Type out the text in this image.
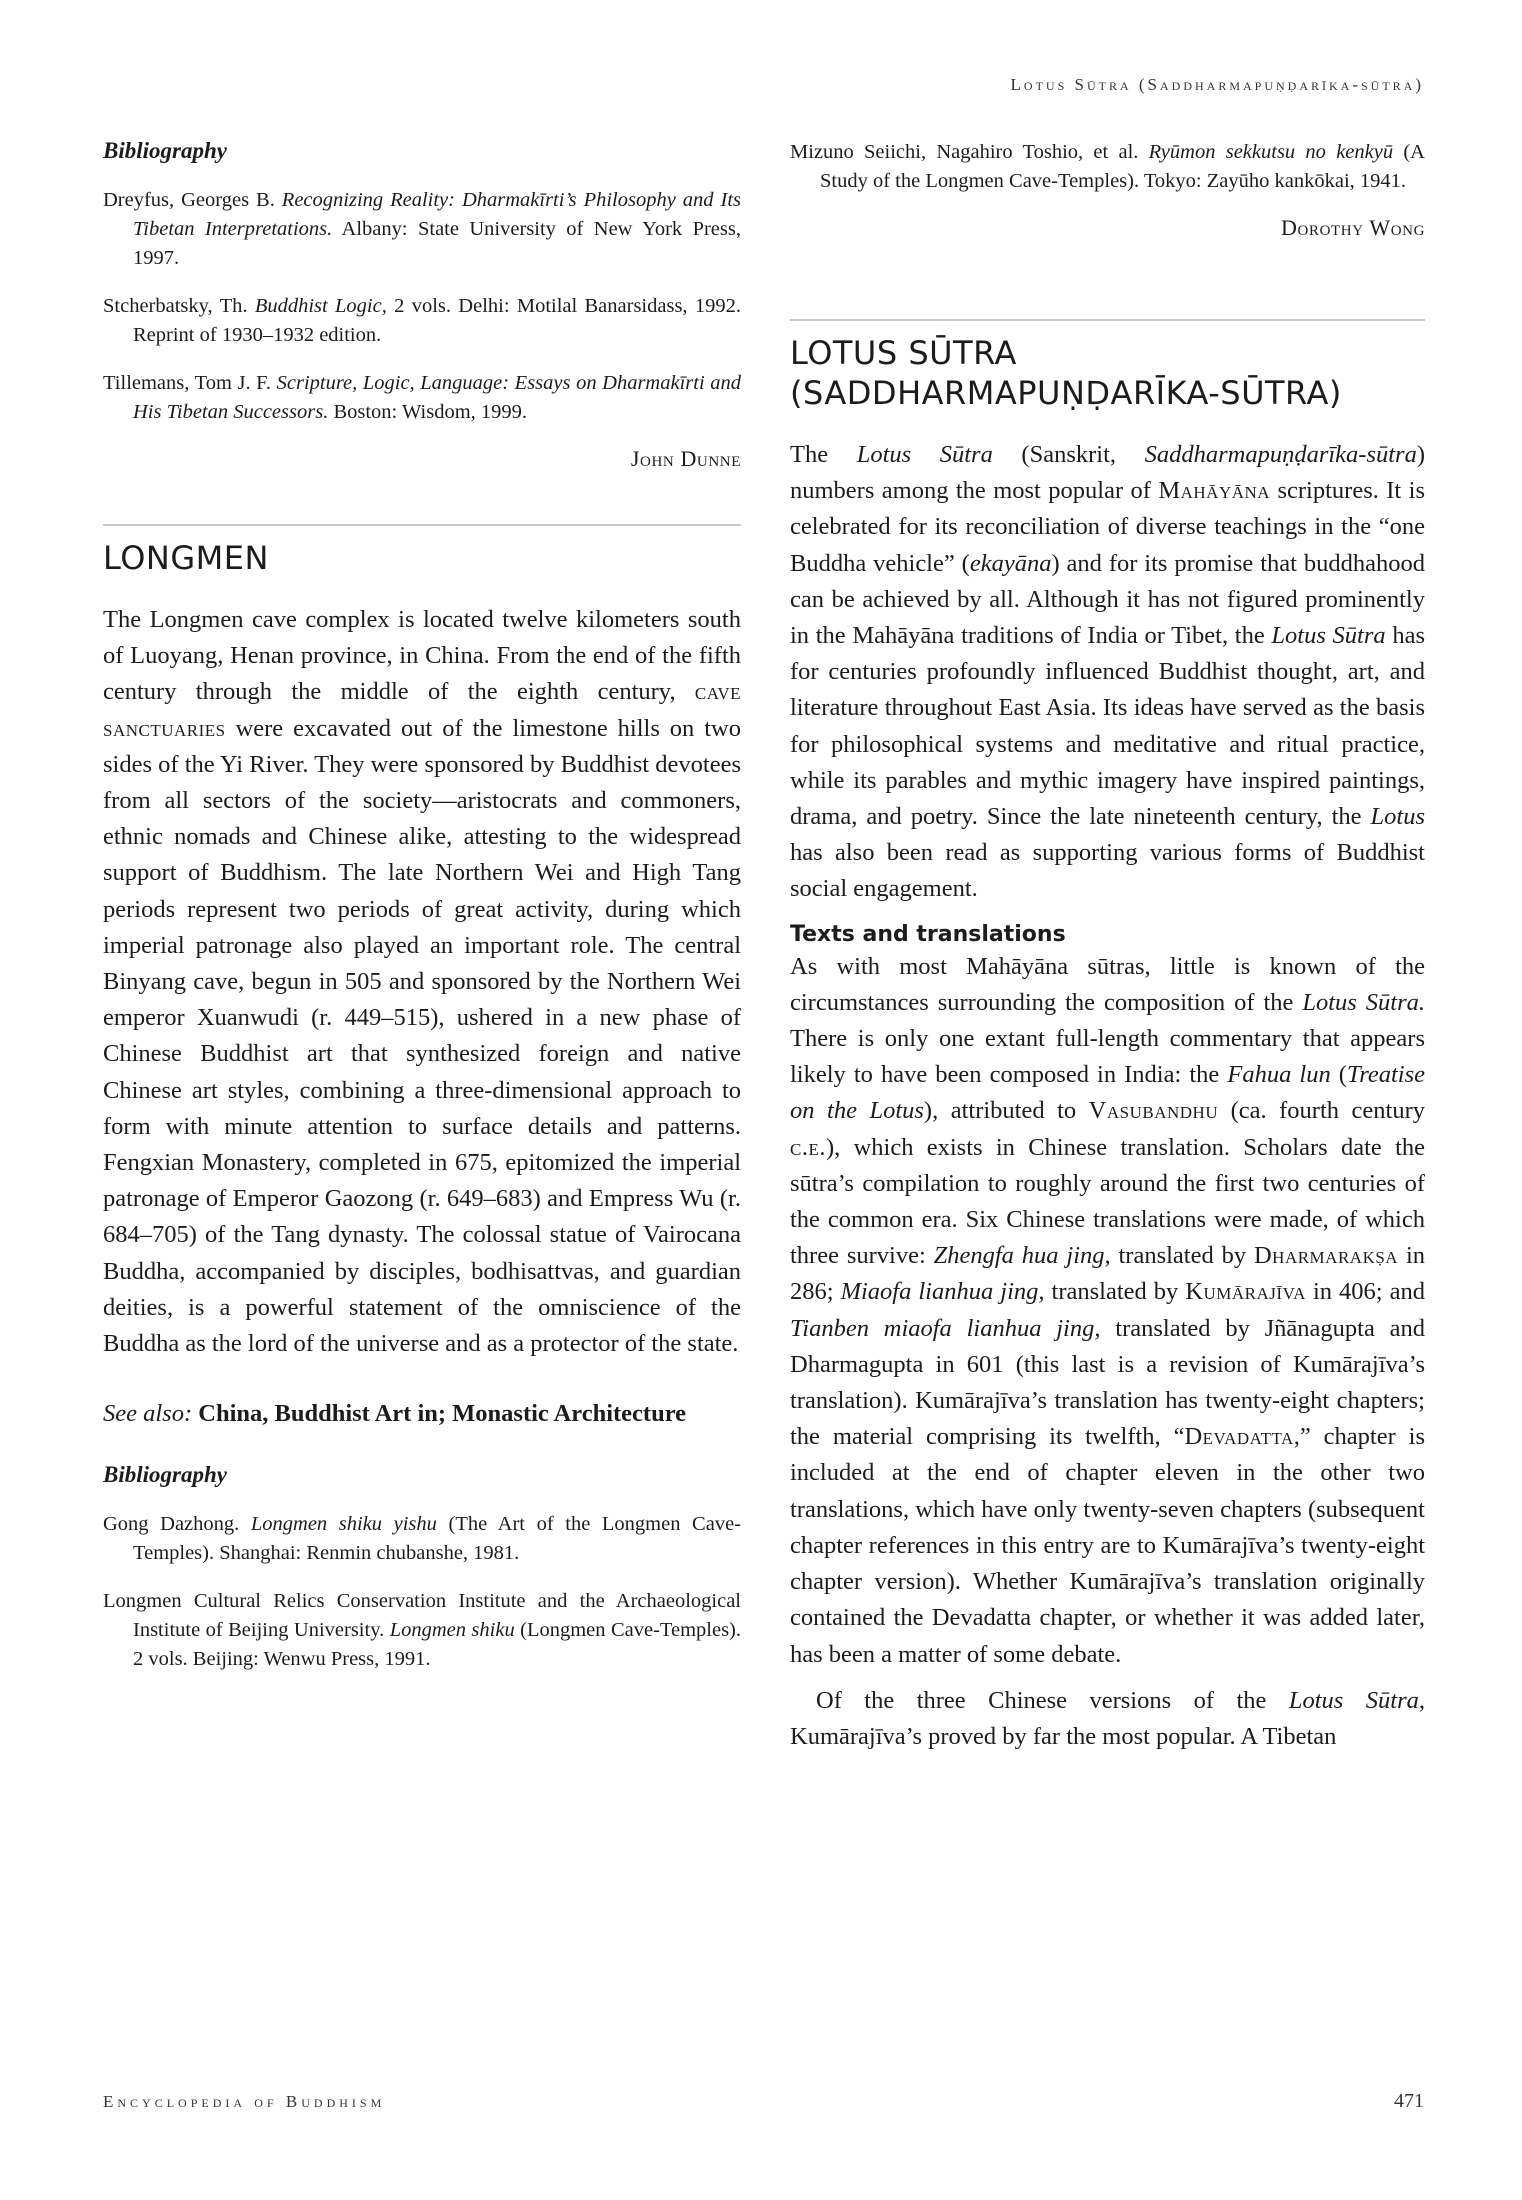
Lotus Sūtra (Saddharmapuṇḍarīka-sūtra)
Bibliography
Dreyfus, Georges B. Recognizing Reality: Dharmakīrti’s Philosophy and Its Tibetan Interpretations. Albany: State University of New York Press, 1997.
Stcherbatsky, Th. Buddhist Logic, 2 vols. Delhi: Motilal Banarsidass, 1992. Reprint of 1930–1932 edition.
Tillemans, Tom J. F. Scripture, Logic, Language: Essays on Dharmakīrti and His Tibetan Successors. Boston: Wisdom, 1999.
John Dunne
LONGMEN

The Longmen cave complex is located twelve kilometers south of Luoyang, Henan province, in China. From the end of the fifth century through the middle of the eighth century, cave sanctuaries were excavated out of the limestone hills on two sides of the Yi River. They were sponsored by Buddhist devotees from all sectors of the society—aristocrats and commoners, ethnic nomads and Chinese alike, attesting to the widespread support of Buddhism. The late Northern Wei and High Tang periods represent two periods of great activity, during which imperial patronage also played an important role. The central Binyang cave, begun in 505 and sponsored by the Northern Wei emperor Xuanwudi (r. 449–515), ushered in a new phase of Chinese Buddhist art that synthesized foreign and native Chinese art styles, combining a three-dimensional approach to form with minute attention to surface details and patterns. Fengxian Monastery, completed in 675, epitomized the imperial patronage of Emperor Gaozong (r. 649–683) and Empress Wu (r. 684–705) of the Tang dynasty. The colossal statue of Vairocana Buddha, accompanied by disciples, bodhisattvas, and guardian deities, is a powerful statement of the omniscience of the Buddha as the lord of the universe and as a protector of the state.

See also: China, Buddhist Art in; Monastic Architecture

Bibliography
Gong Dazhong. Longmen shiku yishu (The Art of the Longmen Cave-Temples). Shanghai: Renmin chubanshe, 1981.
Longmen Cultural Relics Conservation Institute and the Archaeological Institute of Beijing University. Longmen shiku (Longmen Cave-Temples). 2 vols. Beijing: Wenwu Press, 1991.
Mizuno Seiichi, Nagahiro Toshio, et al. Ryūmon sekkutsu no kenkyū (A Study of the Longmen Cave-Temples). Tokyo: Zayūho kankōkai, 1941.
Dorothy Wong
LOTUS SŪTRA
(SADDHARMAPUṆḌARĪKA-SŪTRA)

The Lotus Sūtra (Sanskrit, Saddharmapuṇḍarīka-sūtra) numbers among the most popular of Mahāyāna scriptures. It is celebrated for its reconciliation of diverse teachings in the “one Buddha vehicle” (ekayāna) and for its promise that buddhahood can be achieved by all. Although it has not figured prominently in the Mahāyāna traditions of India or Tibet, the Lotus Sūtra has for centuries profoundly influenced Buddhist thought, art, and literature throughout East Asia. Its ideas have served as the basis for philosophical systems and meditative and ritual practice, while its parables and mythic imagery have inspired paintings, drama, and poetry. Since the late nineteenth century, the Lotus has also been read as supporting various forms of Buddhist social engagement.

Texts and translations

As with most Mahāyāna sūtras, little is known of the circumstances surrounding the composition of the Lotus Sūtra. There is only one extant full-length commentary that appears likely to have been composed in India: the Fahua lun (Treatise on the Lotus), attributed to Vasubandhu (ca. fourth century c.e.), which exists in Chinese translation. Scholars date the sūtra’s compilation to roughly around the first two centuries of the common era. Six Chinese translations were made, of which three survive: Zhengfa hua jing, translated by Dharmarakṣa in 286; Miaofa lianhua jing, translated by Kumārajīva in 406; and Tianben miaofa lianhua jing, translated by Jñānagupta and Dharmagupta in 601 (this last is a revision of Kumārajīva’s translation). Kumārajīva’s translation has twenty-eight chapters; the material comprising its twelfth, “Devadatta,” chapter is included at the end of chapter eleven in the other two translations, which have only twenty-seven chapters (subsequent chapter references in this entry are to Kumārajīva’s twenty-eight chapter version). Whether Kumārajīva’s translation originally contained the Devadatta chapter, or whether it was added later, has been a matter of some debate.

Of the three Chinese versions of the Lotus Sūtra, Kumārajīva’s proved by far the most popular. A Tibetan

Encyclopedia of Buddhism	471
